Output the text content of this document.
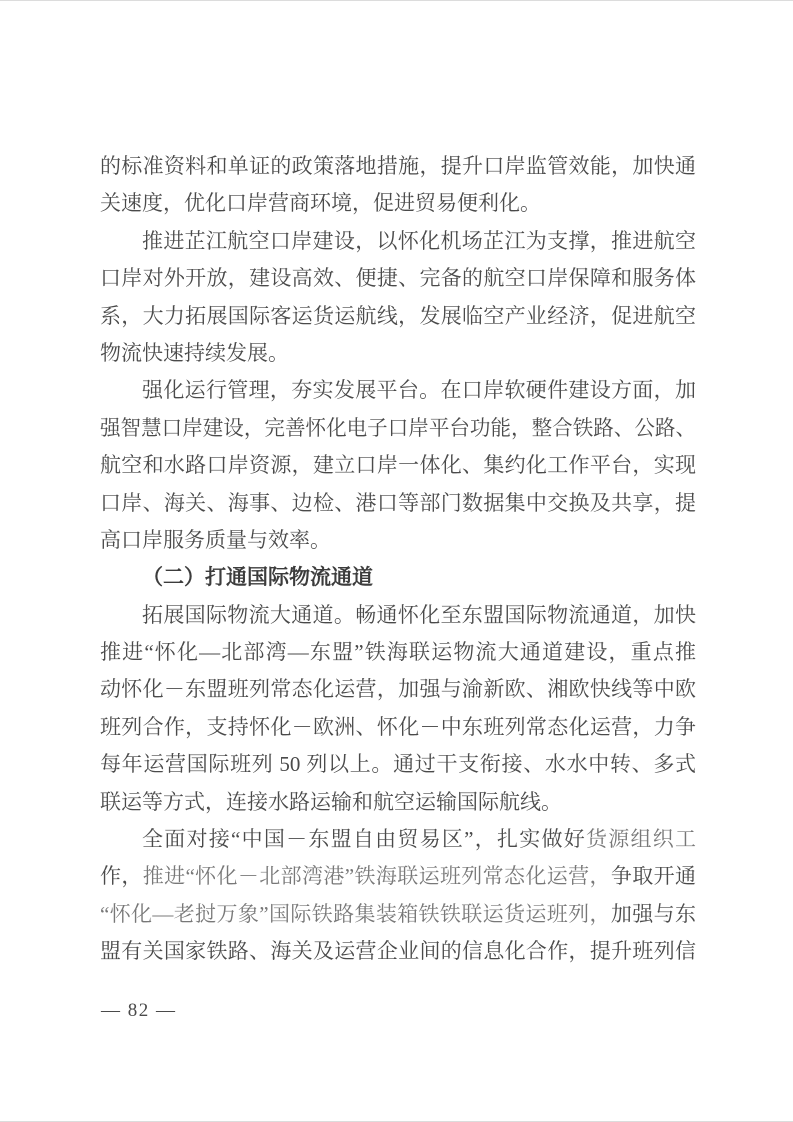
的标准资料和单证的政策落地措施，提升口岸监管效能，加快通
关速度，优化口岸营商环境，促进贸易便利化。
推进芷江航空口岸建设，以怀化机场芷江为支撑，推进航空
口岸对外开放，建设高效、便捷、完备的航空口岸保障和服务体
系，大力拓展国际客运货运航线，发展临空产业经济，促进航空
物流快速持续发展。
强化运行管理，夯实发展平台。在口岸软硬件建设方面，加
强智慧口岸建设，完善怀化电子口岸平台功能，整合铁路、公路、
航空和水路口岸资源，建立口岸一体化、集约化工作平台，实现
口岸、海关、海事、边检、港口等部门数据集中交换及共享，提
高口岸服务质量与效率。
（二）打通国际物流通道
拓展国际物流大通道。畅通怀化至东盟国际物流通道，加快
推进“怀化—北部湾—东盟”铁海联运物流大通道建设，重点推
动怀化－东盟班列常态化运营，加强与渝新欧、湘欧快线等中欧
班列合作，支持怀化－欧洲、怀化－中东班列常态化运营，力争
每年运营国际班列 50 列以上。通过干支衔接、水水中转、多式
联运等方式，连接水路运输和航空运输国际航线。
全面对接“中国－东盟自由贸易区”，扎实做好货源组织工
作，推进“怀化－北部湾港”铁海联运班列常态化运营，争取开通
“怀化—老挝万象”国际铁路集装箱铁铁联运货运班列，加强与东
盟有关国家铁路、海关及运营企业间的信息化合作，提升班列信
— 82 —
